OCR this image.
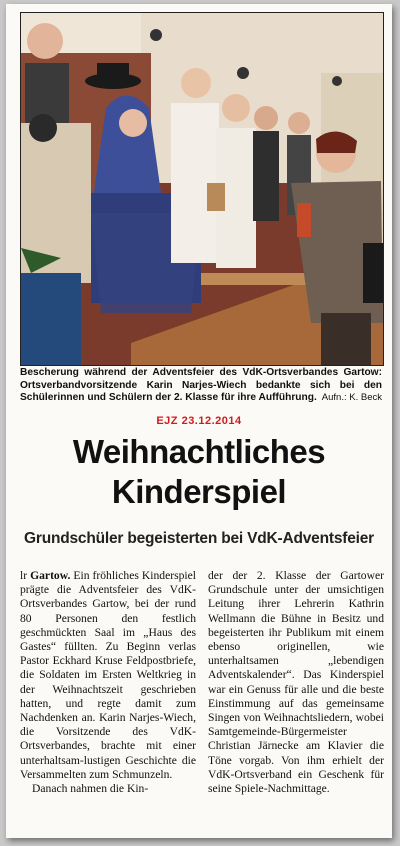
Bescherung während der Adventsfeier des VdK-Ortsverbandes Gartow: Ortsverbandvorsitzende Karin Narjes-Wiech bedankte sich bei den Schülerinnen und Schülern der 2. Klasse für ihre Aufführung. Aufn.: K. Beck
EJZ 23.12.2014
Weihnachtliches
Kinderspiel
Grundschüler begeisterten bei VdK-Adventsfeier

lr Gartow. Ein fröhliches Kinderspiel prägte die Adventsfeier des VdK-Ortsverbandes Gartow, bei der rund 80 Personen den festlich geschmückten Saal im „Haus des Gastes“ füllten. Zu Beginn verlas Pastor Eckhard Kruse Feldpostbriefe, die Soldaten im Ersten Weltkrieg in der Weihnachtszeit geschrieben hatten, und regte damit zum Nachdenken an. Karin Narjes-Wiech, die Vorsitzende des VdK-Ortsverbandes, brachte mit einer unterhaltsam-lustigen Geschichte die Versammelten zum Schmunzeln.

Danach nahmen die Kin-

der der 2. Klasse der Gartower Grundschule unter der umsichtigen Leitung ihrer Lehrerin Kathrin Wellmann die Bühne in Besitz und begeisterten ihr Publikum mit einem ebenso originellen, wie unterhaltsamen „lebendigen Adventskalender“. Das Kinderspiel war ein Genuss für alle und die beste Einstimmung auf das gemeinsame Singen von Weihnachtsliedern, wobei Samtgemeinde-Bürgermeister Christian Järnecke am Klavier die Töne vorgab. Von ihm erhielt der VdK-Ortsverband ein Geschenk für seine Spiele-Nachmittage.
